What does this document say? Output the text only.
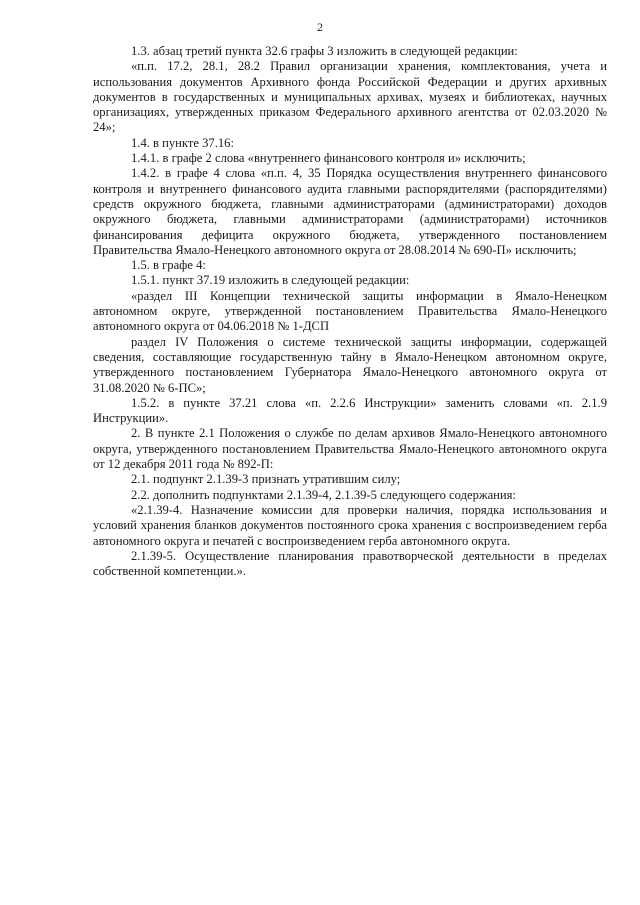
2

1.3. абзац третий пункта 32.6 графы 3 изложить в следующей редакции:

«п.п. 17.2, 28.1, 28.2 Правил организации хранения, комплектования, учета и использования документов Архивного фонда Российской Федерации и других архивных документов в государственных и муниципальных архивах, музеях и библиотеках, научных организациях, утвержденных приказом Федерального архивного агентства от 02.03.2020 № 24»;

1.4. в пункте 37.16:

1.4.1. в графе 2 слова «внутреннего финансового контроля и» исключить;

1.4.2. в графе 4 слова «п.п. 4, 35 Порядка осуществления внутреннего финансового контроля и внутреннего финансового аудита главными распорядителями (распорядителями) средств окружного бюджета, главными администраторами (администраторами) доходов окружного бюджета, главными администраторами (администраторами) источников финансирования дефицита окружного бюджета, утвержденного постановлением Правительства Ямало-Ненецкого автономного округа от 28.08.2014 № 690-П» исключить;

1.5. в графе 4:

1.5.1. пункт 37.19 изложить в следующей редакции:

«раздел III Концепции технической защиты информации в Ямало-Ненецком автономном округе, утвержденной постановлением Правительства Ямало-Ненецкого автономного округа от 04.06.2018 № 1-ДСП

раздел IV Положения о системе технической защиты информации, содержащей сведения, составляющие государственную тайну в Ямало-Ненецком автономном округе, утвержденного постановлением Губернатора Ямало-Ненецкого автономного округа от 31.08.2020 № 6-ПС»;

1.5.2. в пункте 37.21 слова «п. 2.2.6 Инструкции» заменить словами «п. 2.1.9 Инструкции».

2. В пункте 2.1 Положения о службе по делам архивов Ямало-Ненецкого автономного округа, утвержденного постановлением Правительства Ямало-Ненецкого автономного округа от 12 декабря 2011 года № 892-П:

2.1. подпункт 2.1.39-3 признать утратившим силу;

2.2. дополнить подпунктами 2.1.39-4, 2.1.39-5 следующего содержания:

«2.1.39-4. Назначение комиссии для проверки наличия, порядка использования и условий хранения бланков документов постоянного срока хранения с воспроизведением герба автономного округа и печатей с воспроизведением герба автономного округа.

2.1.39-5. Осуществление планирования правотворческой деятельности в пределах собственной компетенции.».
